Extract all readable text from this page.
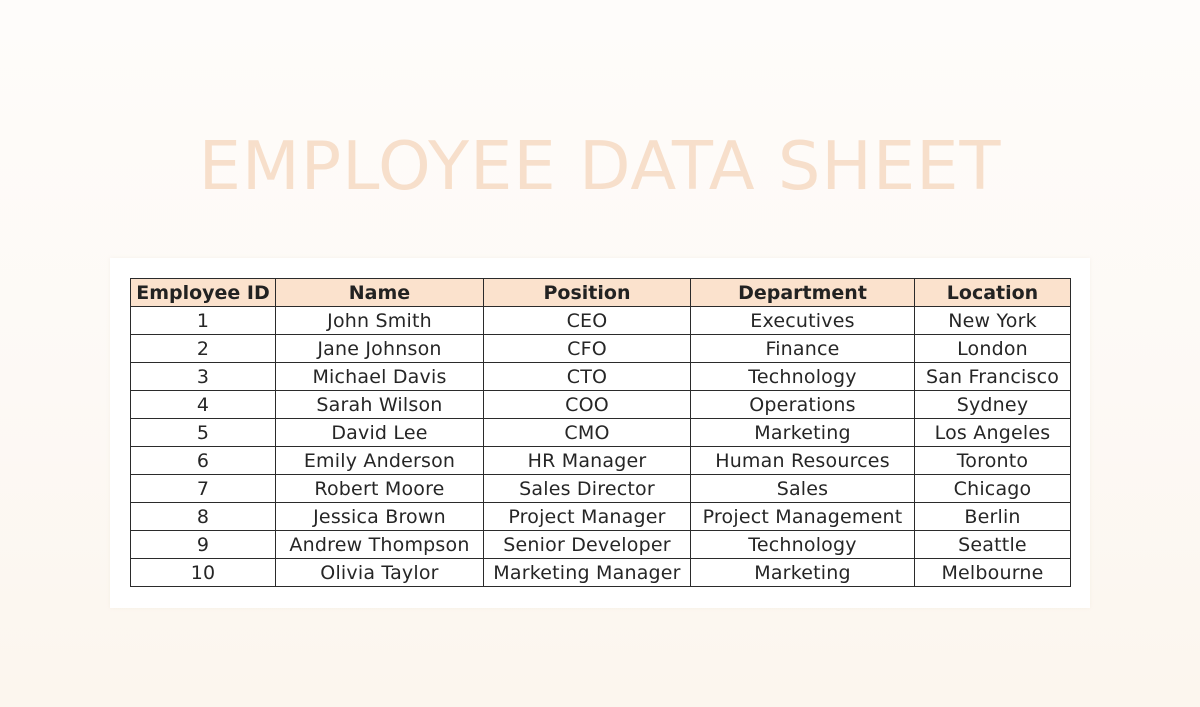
EMPLOYEE DATA SHEET
Employee ID	Name	Position	Department	Location
1	John Smith	CEO	Executives	New York
2	Jane Johnson	CFO	Finance	London
3	Michael Davis	CTO	Technology	San Francisco
4	Sarah Wilson	COO	Operations	Sydney
5	David Lee	CMO	Marketing	Los Angeles
6	Emily Anderson	HR Manager	Human Resources	Toronto
7	Robert Moore	Sales Director	Sales	Chicago
8	Jessica Brown	Project Manager	Project Management	Berlin
9	Andrew Thompson	Senior Developer	Technology	Seattle
10	Olivia Taylor	Marketing Manager	Marketing	Melbourne
